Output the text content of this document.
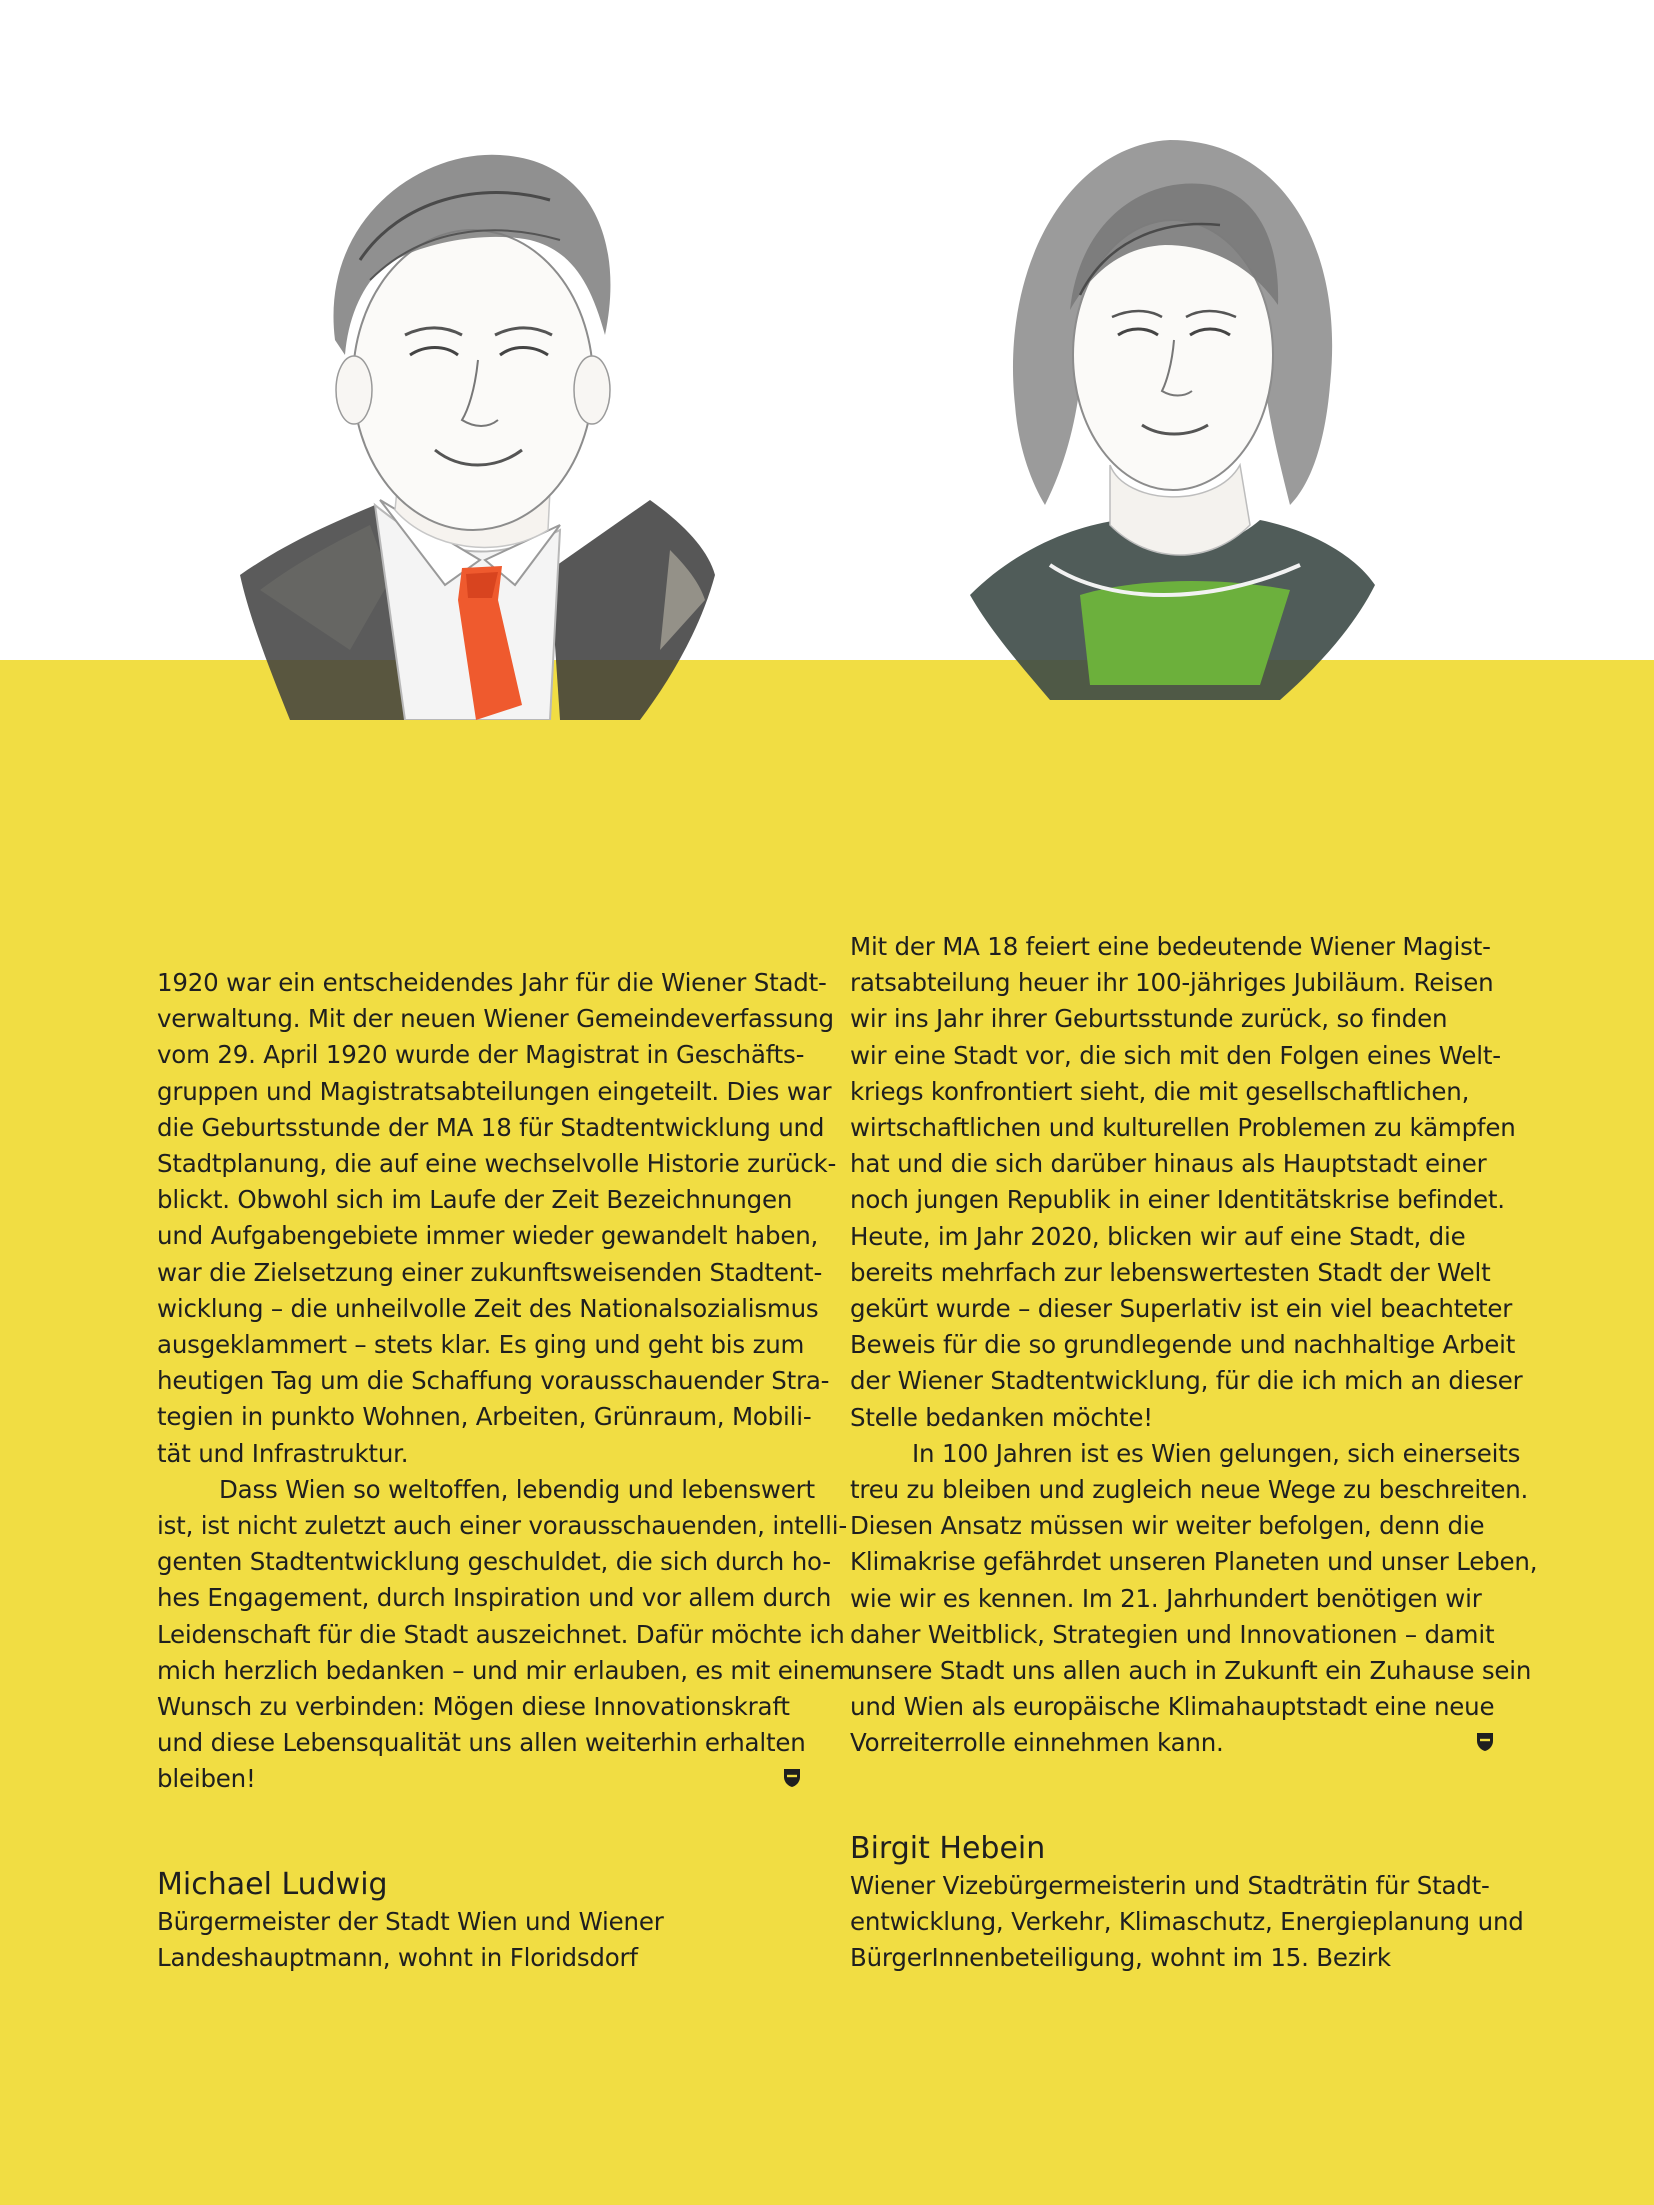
1920 war ein entscheidendes Jahr für die Wiener Stadt-
verwaltung. Mit der neuen Wiener Gemeindeverfassung
vom 29. April 1920 wurde der Magistrat in Geschäfts-
gruppen und Magistratsabteilungen eingeteilt. Dies war
die Geburtsstunde der MA 18 für Stadtentwicklung und
Stadtplanung, die auf eine wechselvolle Historie zurück-
blickt. Obwohl sich im Laufe der Zeit Bezeichnungen
und Aufgabengebiete immer wieder gewandelt haben,
war die Zielsetzung einer zukunftsweisenden Stadtent-
wicklung – die unheilvolle Zeit des Nationalsozialismus
ausgeklammert – stets klar. Es ging und geht bis zum
heutigen Tag um die Schaffung vorausschauender Stra-
tegien in punkto Wohnen, Arbeiten, Grünraum, Mobili-
tät und Infrastruktur.

Dass Wien so weltoffen, lebendig und lebenswert
ist, ist nicht zuletzt auch einer vorausschauenden, intelli-
genten Stadtentwicklung geschuldet, die sich durch ho-
hes Engagement, durch Inspiration und vor allem durch
Leidenschaft für die Stadt auszeichnet. Dafür möchte ich
mich herzlich bedanken – und mir erlauben, es mit einem
Wunsch zu verbinden: Mögen diese Innovationskraft
und diese Lebensqualität uns allen weiterhin erhalten
bleiben!

Mit der MA 18 feiert eine bedeutende Wiener Magist-
ratsabteilung heuer ihr 100-jähriges Jubiläum. Reisen
wir ins Jahr ihrer Geburtsstunde zurück, so finden
wir eine Stadt vor, die sich mit den Folgen eines Welt-
kriegs konfrontiert sieht, die mit gesellschaftlichen,
wirtschaftlichen und kulturellen Problemen zu kämpfen
hat und die sich darüber hinaus als Hauptstadt einer
noch jungen Republik in einer Identitätskrise befindet.
Heute, im Jahr 2020, blicken wir auf eine Stadt, die
bereits mehrfach zur lebenswertesten Stadt der Welt
gekürt wurde – dieser Superlativ ist ein viel beachteter
Beweis für die so grundlegende und nachhaltige Arbeit
der Wiener Stadtentwicklung, für die ich mich an dieser
Stelle bedanken möchte!

In 100 Jahren ist es Wien gelungen, sich einerseits
treu zu bleiben und zugleich neue Wege zu beschreiten.
Diesen Ansatz müssen wir weiter befolgen, denn die
Klimakrise gefährdet unseren Planeten und unser Leben,
wie wir es kennen. Im 21. Jahrhundert benötigen wir
daher Weitblick, Strategien und Innovationen – damit
unsere Stadt uns allen auch in Zukunft ein Zuhause sein
und Wien als europäische Klimahauptstadt eine neue
Vorreiterrolle einnehmen kann.

Michael Ludwig
Bürgermeister der Stadt Wien und Wiener
Landeshauptmann, wohnt in Floridsdorf
Birgit Hebein
Wiener Vizebürgermeisterin und Stadträtin für Stadt-
entwicklung, Verkehr, Klimaschutz, Energieplanung und
BürgerInnenbeteiligung, wohnt im 15. Bezirk
